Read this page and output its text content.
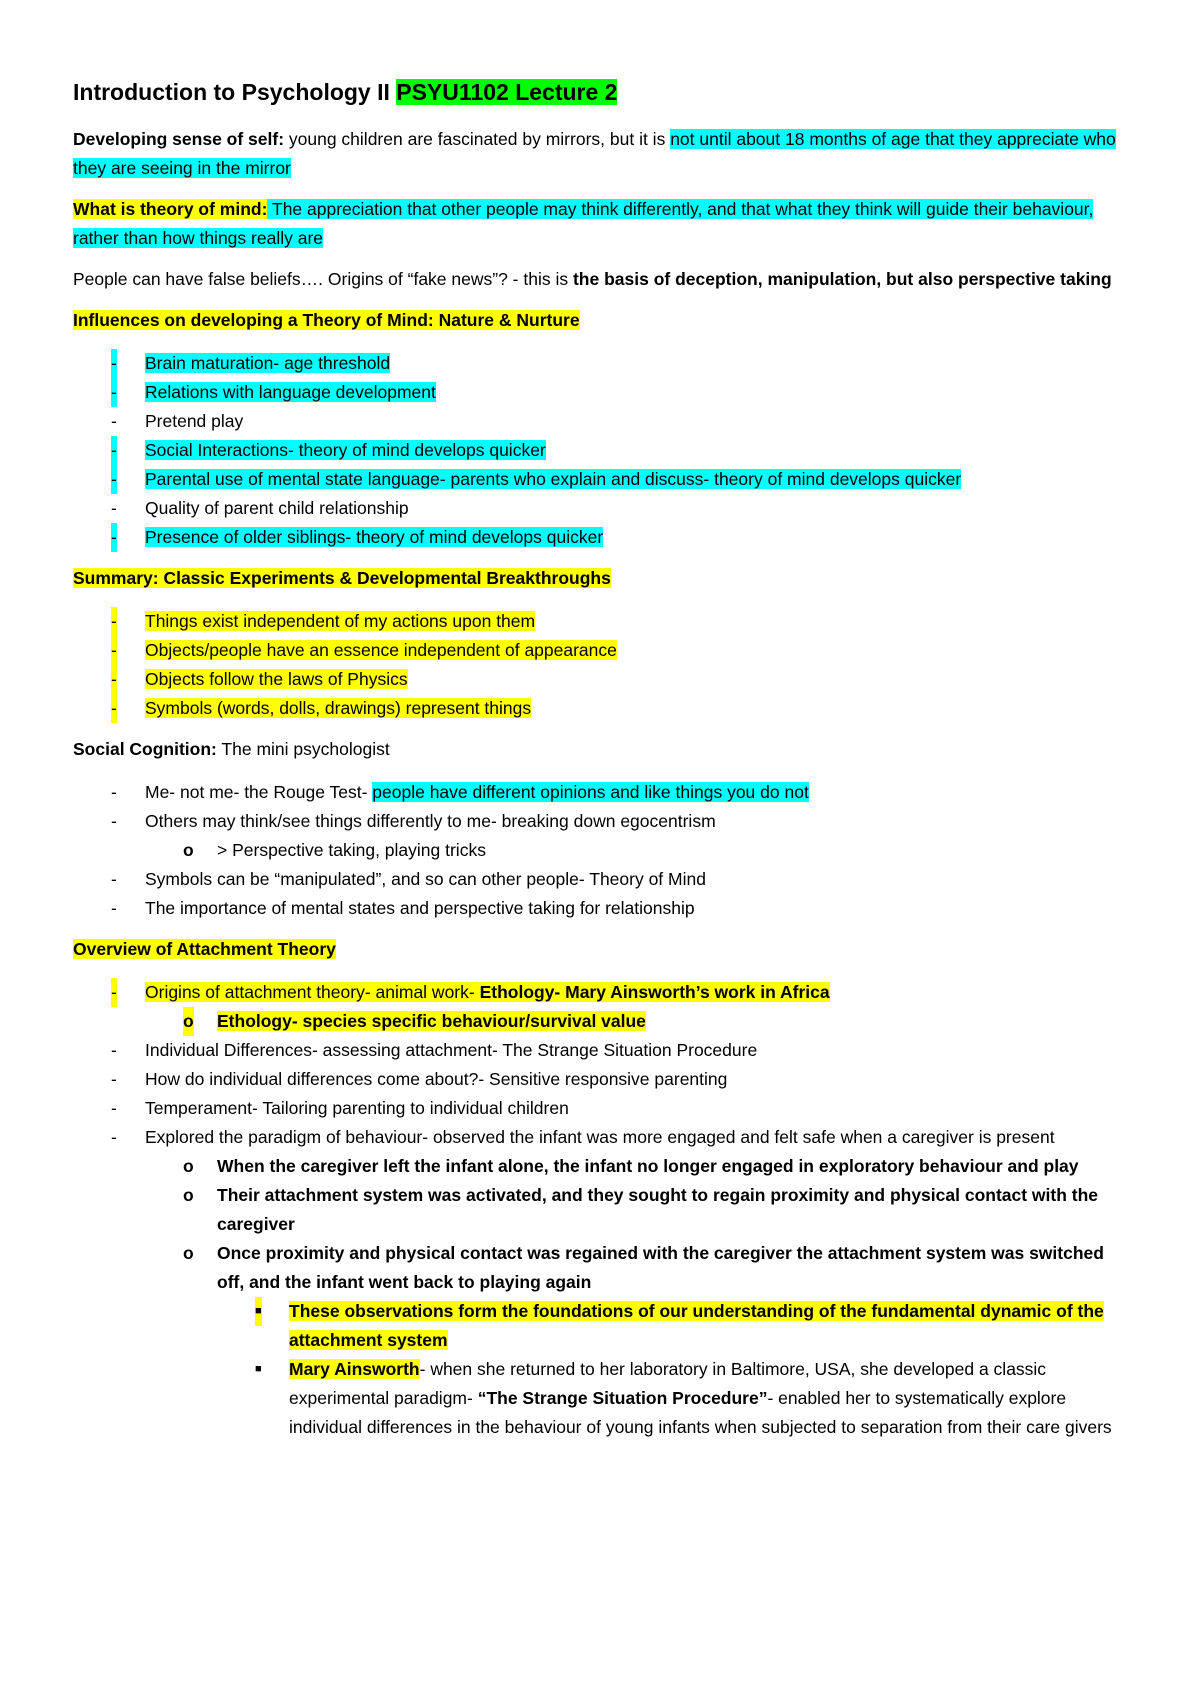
Introduction to Psychology II PSYU1102 Lecture 2

Developing sense of self: young children are fascinated by mirrors, but it is not until about 18 months of age that they appreciate who they are seeing in the mirror

What is theory of mind: The appreciation that other people may think differently, and that what they think will guide their behaviour, rather than how things really are

People can have false beliefs…. Origins of “fake news”? - this is the basis of deception, manipulation, but also perspective taking

Influences on developing a Theory of Mind: Nature & Nurture

- Brain maturation- age threshold
- Relations with language development
- Pretend play
- Social Interactions- theory of mind develops quicker
- Parental use of mental state language- parents who explain and discuss- theory of mind develops quicker
- Quality of parent child relationship
- Presence of older siblings- theory of mind develops quicker

Summary: Classic Experiments & Developmental Breakthroughs

- Things exist independent of my actions upon them
- Objects/people have an essence independent of appearance
- Objects follow the laws of Physics
- Symbols (words, dolls, drawings) represent things

Social Cognition: The mini psychologist

- Me- not me- the Rouge Test- people have different opinions and like things you do not
- Others may think/see things differently to me- breaking down egocentrism
o > Perspective taking, playing tricks
- Symbols can be “manipulated”, and so can other people- Theory of Mind
- The importance of mental states and perspective taking for relationship

Overview of Attachment Theory

- Origins of attachment theory- animal work- Ethology- Mary Ainsworth’s work in Africa
o Ethology- species specific behaviour/survival value
- Individual Differences- assessing attachment- The Strange Situation Procedure
- How do individual differences come about?- Sensitive responsive parenting
- Temperament- Tailoring parenting to individual children
- Explored the paradigm of behaviour- observed the infant was more engaged and felt safe when a caregiver is present
o When the caregiver left the infant alone, the infant no longer engaged in exploratory behaviour and play
o Their attachment system was activated, and they sought to regain proximity and physical contact with the caregiver
o Once proximity and physical contact was regained with the caregiver the attachment system was switched off, and the infant went back to playing again
■ These observations form the foundations of our understanding of the fundamental dynamic of the attachment system
■ Mary Ainsworth- when she returned to her laboratory in Baltimore, USA, she developed a classic experimental paradigm- “The Strange Situation Procedure”- enabled her to systematically explore individual differences in the behaviour of young infants when subjected to separation from their care givers
